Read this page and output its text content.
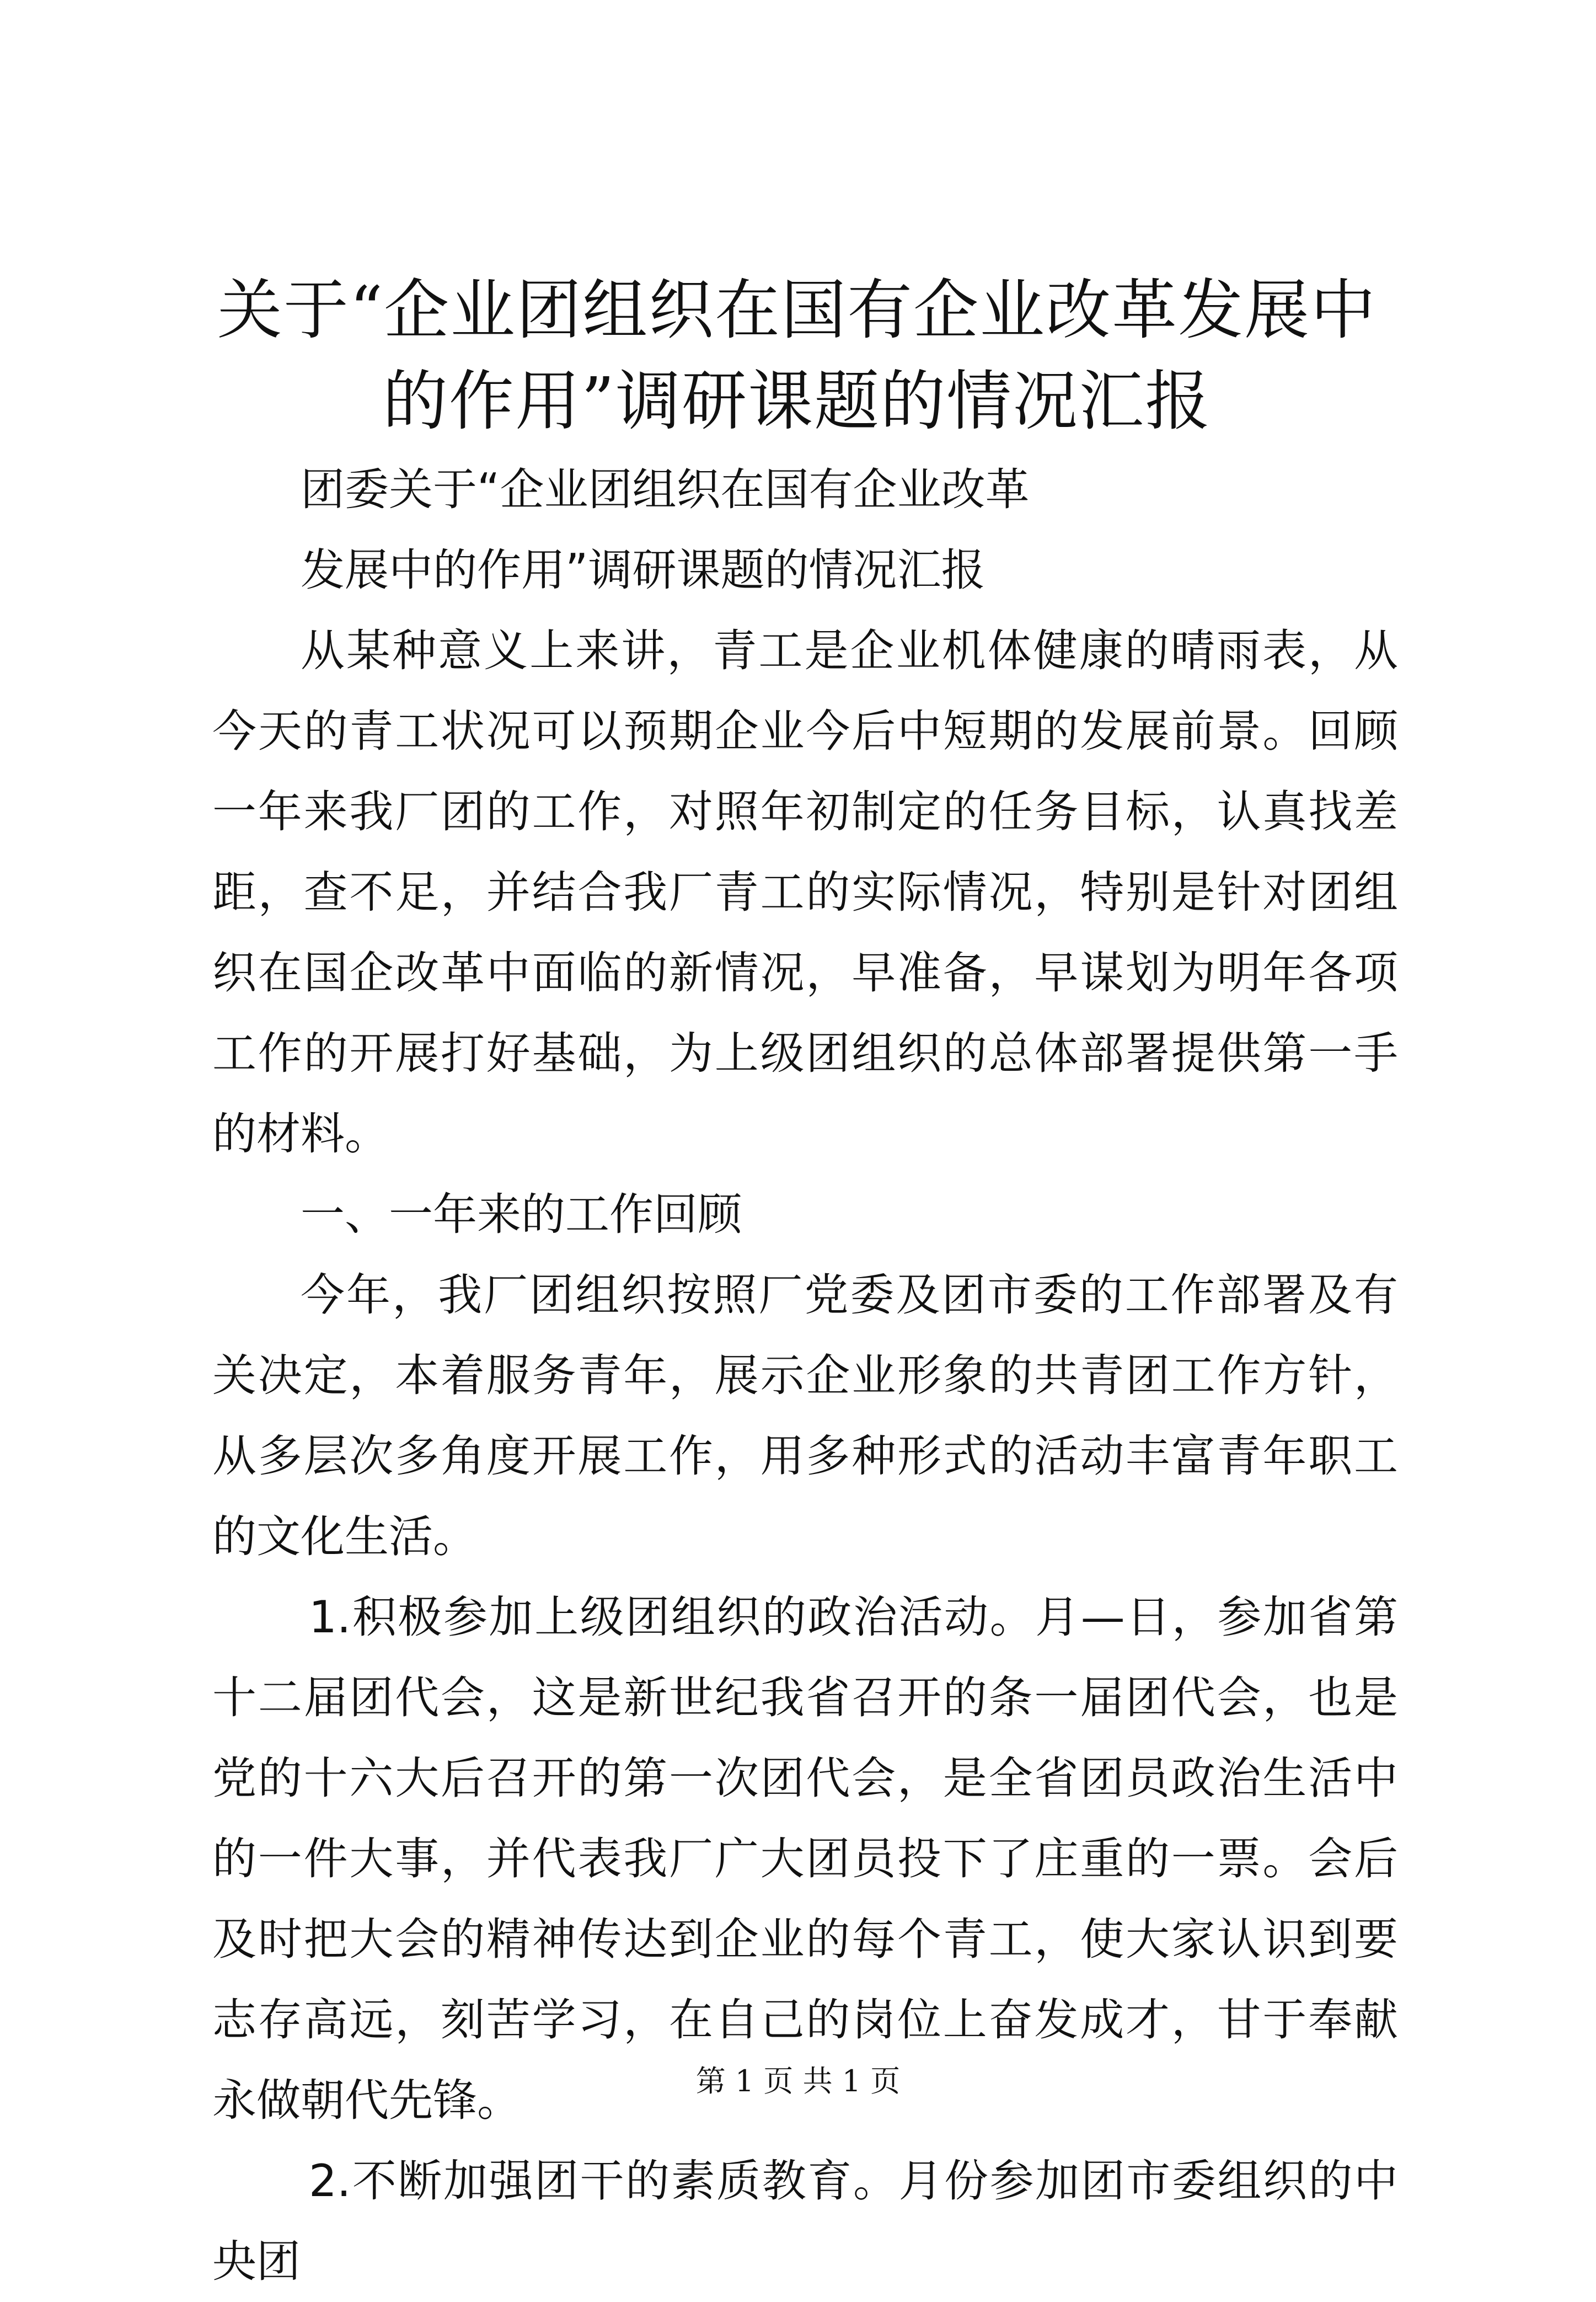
关于“企业团组织在国有企业改革发展中的作用”调研课题的情况汇报

团委关于“企业团组织在国有企业改革

发展中的作用”调研课题的情况汇报

从某种意义上来讲，青工是企业机体健康的晴雨表，从今天的青工状况可以预期企业今后中短期的发展前景。回顾一年来我厂团的工作，对照年初制定的任务目标，认真找差距，查不足，并结合我厂青工的实际情况，特别是针对团组织在国企改革中面临的新情况，早准备，早谋划为明年各项工作的开展打好基础，为上级团组织的总体部署提供第一手的材料。

一、一年来的工作回顾

今年，我厂团组织按照厂党委及团市委的工作部署及有关决定，本着服务青年，展示企业形象的共青团工作方针，从多层次多角度开展工作，用多种形式的活动丰富青年职工的文化生活。

1.积极参加上级团组织的政治活动。月—日，参加省第十二届团代会，这是新世纪我省召开的条一届团代会，也是党的十六大后召开的第一次团代会，是全省团员政治生活中的一件大事，并代表我厂广大团员投下了庄重的一票。会后及时把大会的精神传达到企业的每个青工，使大家认识到要志存高远，刻苦学习，在自己的岗位上奋发成才，甘于奉献永做朝代先锋。

2.不断加强团干的素质教育。月份参加团市委组织的中央团

第 1 页 共 1 页
